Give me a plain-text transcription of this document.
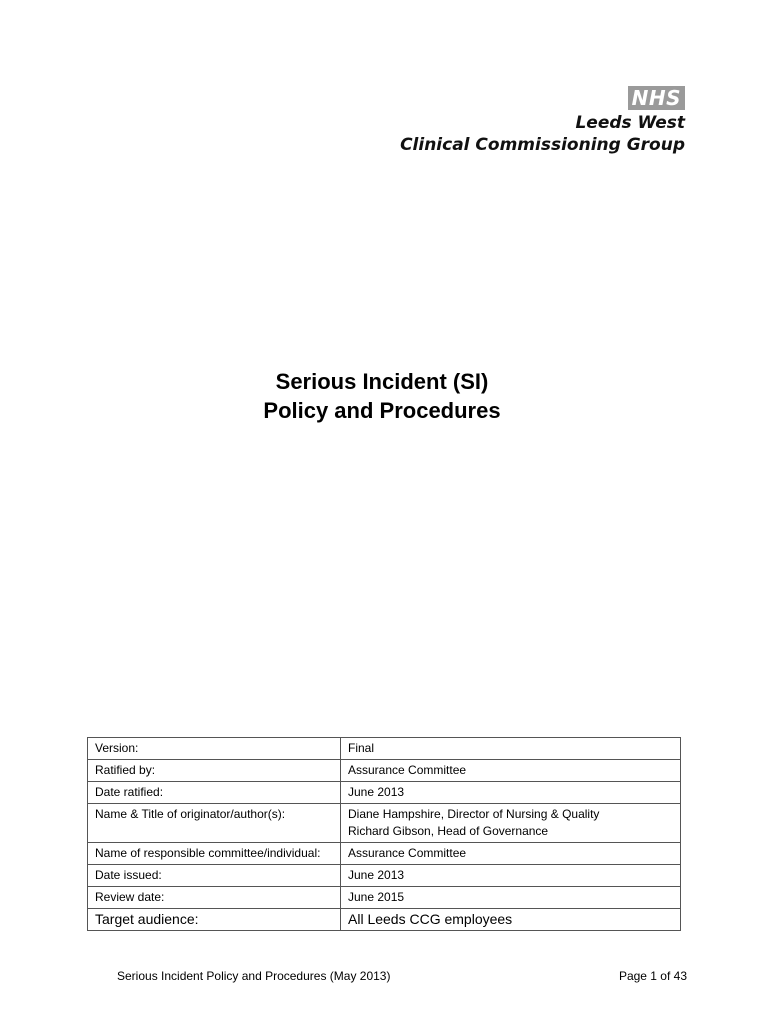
NHS
Leeds West
Clinical Commissioning Group
Serious Incident (SI)
Policy and Procedures
Version:	Final

Ratified by:	Assurance Committee

Date ratified:	June 2013

Name & Title of originator/author(s):	Diane Hampshire, Director of Nursing & Quality
Richard Gibson, Head of Governance

Name of responsible committee/individual:	Assurance Committee

Date issued:	June 2013

Review date:	June 2015

Target audience:	All Leeds CCG employees
Serious Incident Policy and Procedures (May 2013)	Page 1 of 43
